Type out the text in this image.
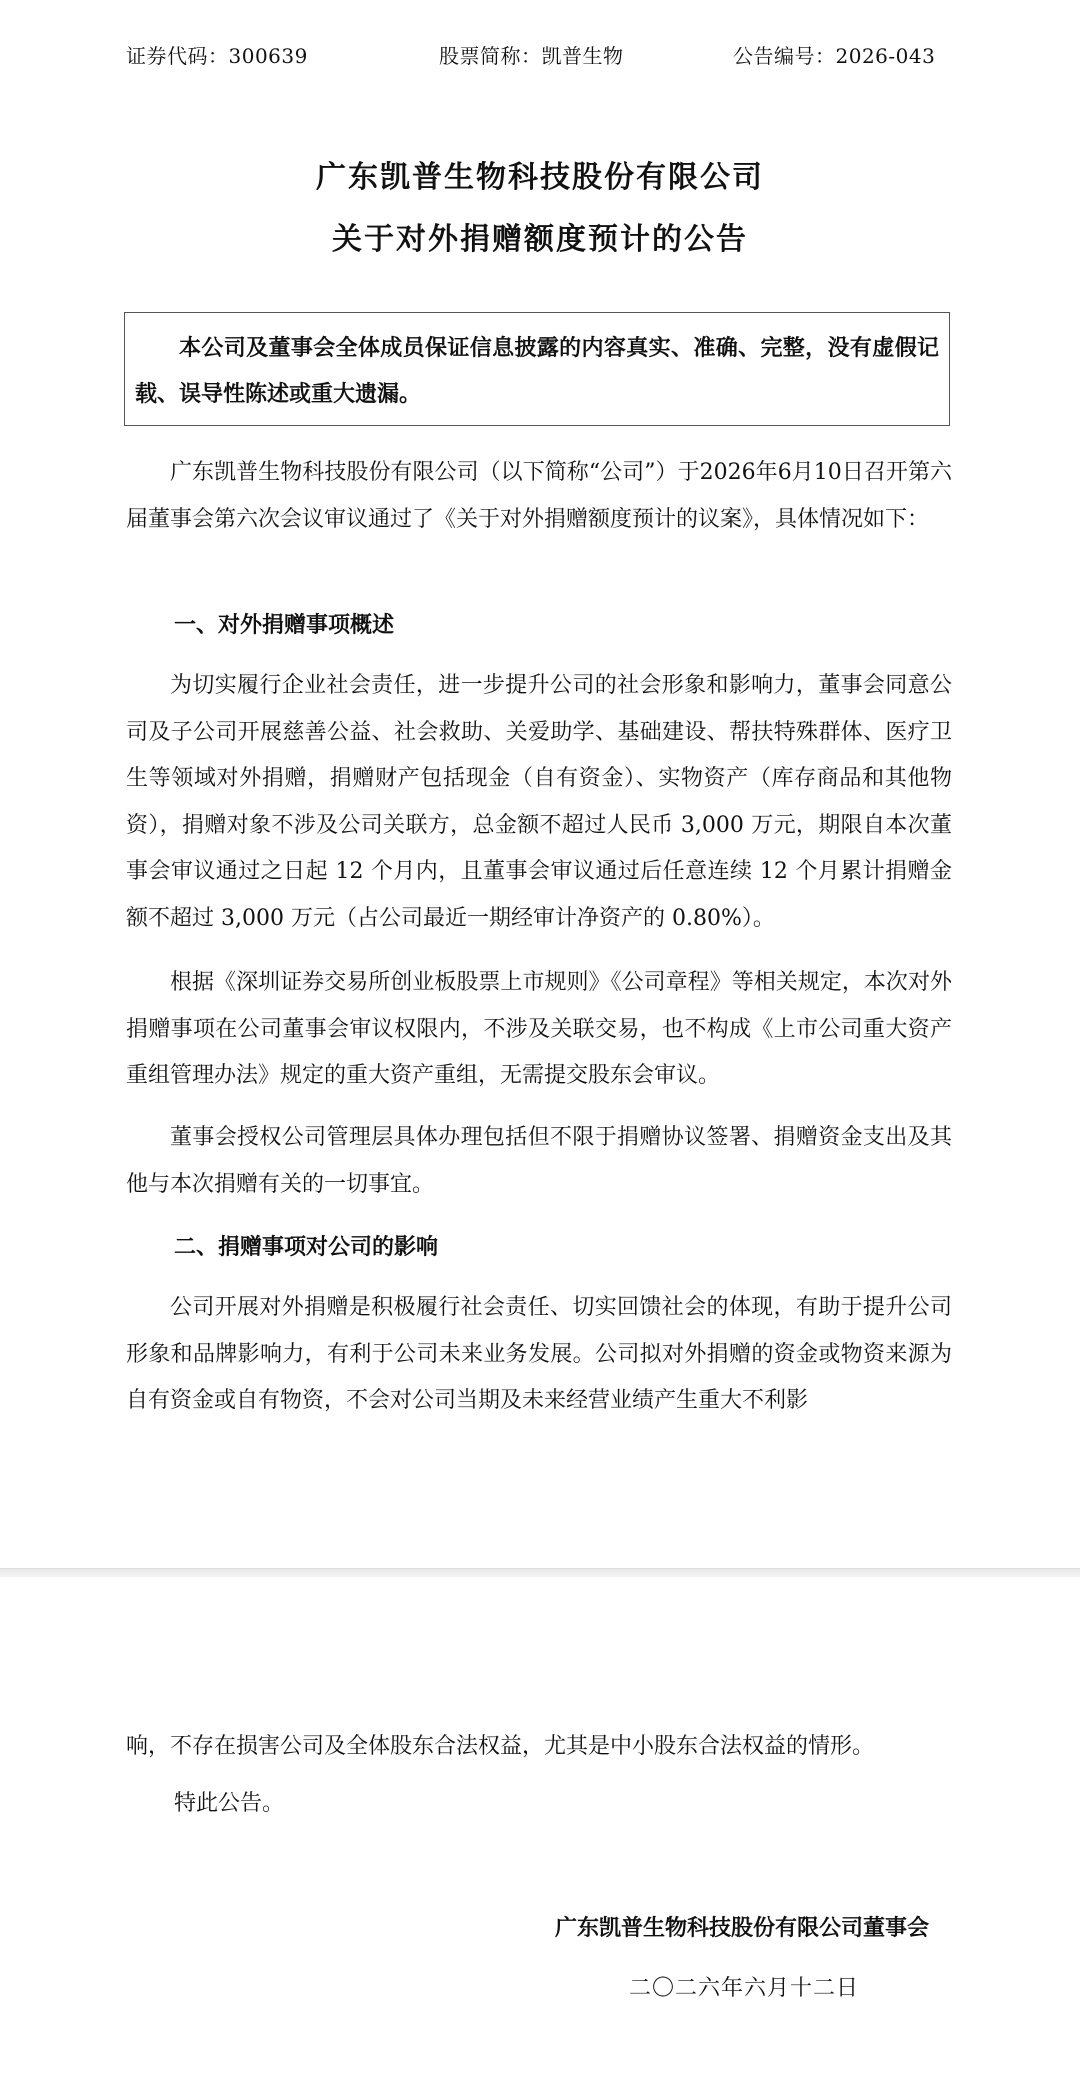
证券代码：300639	股票简称：凯普生物	公告编号：2026-043
广东凯普生物科技股份有限公司
关于对外捐赠额度预计的公告
本公司及董事会全体成员保证信息披露的内容真实、准确、完整，没有虚假记载、误导性陈述或重大遗漏。
广东凯普生物科技股份有限公司（以下简称“公司”）于2026年6月10日召开第六届董事会第六次会议审议通过了《关于对外捐赠额度预计的议案》，具体情况如下：
一、对外捐赠事项概述
为切实履行企业社会责任，进一步提升公司的社会形象和影响力，董事会同意公司及子公司开展慈善公益、社会救助、关爱助学、基础建设、帮扶特殊群体、医疗卫生等领域对外捐赠，捐赠财产包括现金（自有资金）、实物资产（库存商品和其他物资），捐赠对象不涉及公司关联方，总金额不超过人民币 3,000 万元，期限自本次董事会审议通过之日起 12 个月内，且董事会审议通过后任意连续 12 个月累计捐赠金额不超过 3,000 万元（占公司最近一期经审计净资产的 0.80%）。
根据《深圳证券交易所创业板股票上市规则》《公司章程》等相关规定，本次对外捐赠事项在公司董事会审议权限内，不涉及关联交易，也不构成《上市公司重大资产重组管理办法》规定的重大资产重组，无需提交股东会审议。
董事会授权公司管理层具体办理包括但不限于捐赠协议签署、捐赠资金支出及其他与本次捐赠有关的一切事宜。
二、捐赠事项对公司的影响
公司开展对外捐赠是积极履行社会责任、切实回馈社会的体现，有助于提升公司形象和品牌影响力，有利于公司未来业务发展。公司拟对外捐赠的资金或物资来源为自有资金或自有物资，不会对公司当期及未来经营业绩产生重大不利影
响，不存在损害公司及全体股东合法权益，尤其是中小股东合法权益的情形。
特此公告。
广东凯普生物科技股份有限公司董事会
二〇二六年六月十二日
